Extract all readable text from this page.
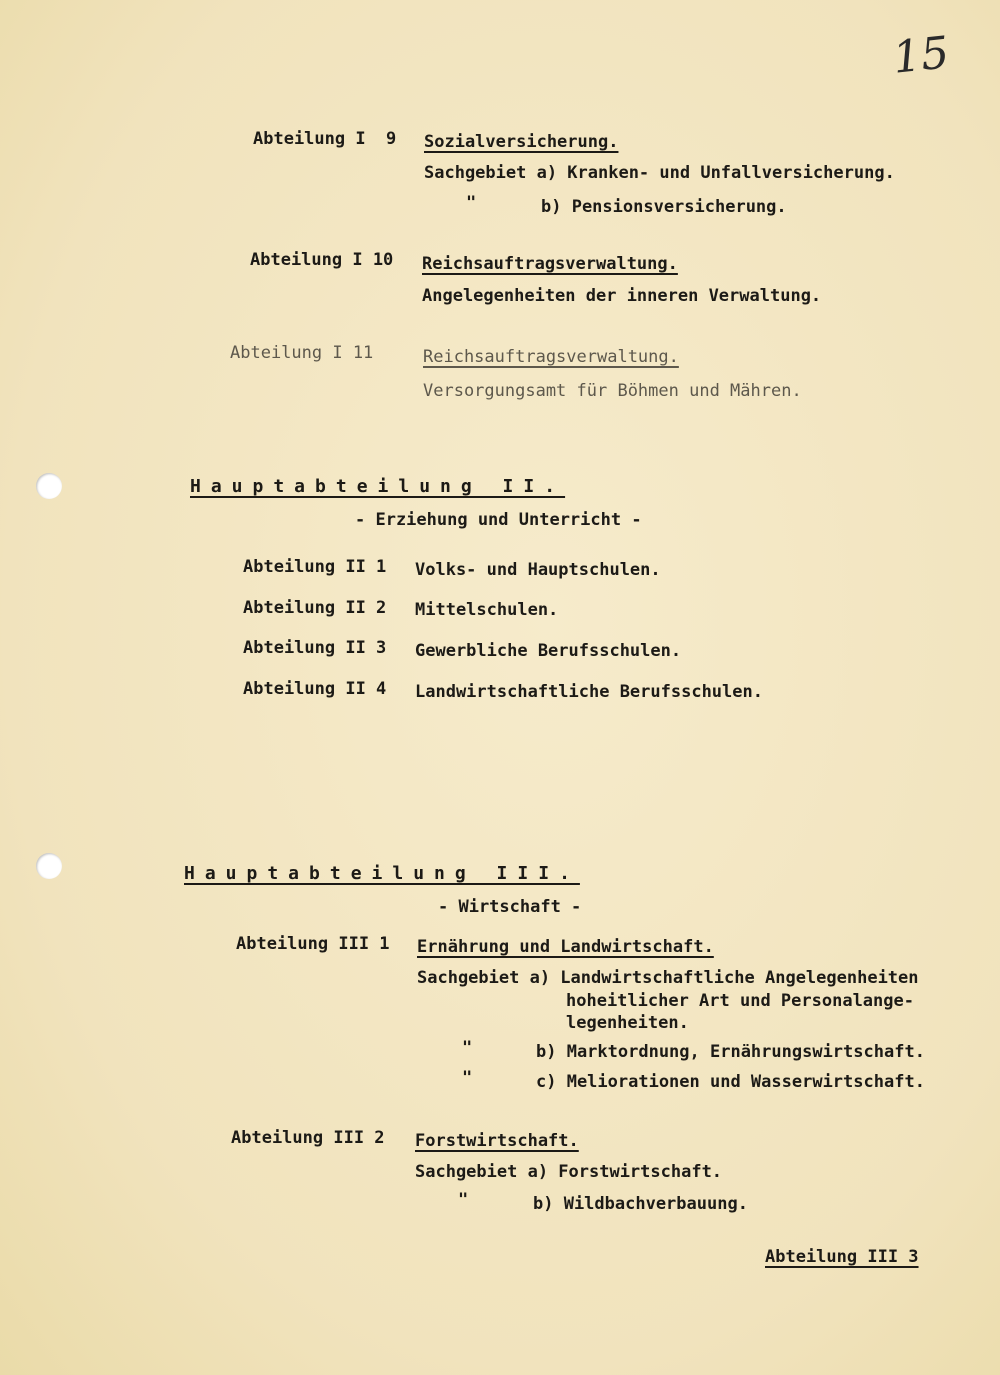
15
Abteilung I  9 Sozialversicherung.
Sachgebiet a) Kranken- und Unfallversicherung.
"	b) Pensionsversicherung.
Abteilung I 10 Reichsauftragsverwaltung.
Angelegenheiten der inneren Verwaltung.
Abteilung I 11	Reichsauftragsverwaltung.
Versorgungsamt für Böhmen und Mähren.
Hauptabteilung II.
- Erziehung und Unterricht -
Abteilung II 1 Volks- und Hauptschulen.
Abteilung II 2 Mittelschulen.
Abteilung II 3 Gewerbliche Berufsschulen.
Abteilung II 4 Landwirtschaftliche Berufsschulen.
Hauptabteilung III.
- Wirtschaft -
Abteilung III 1 Ernährung und Landwirtschaft.
Sachgebiet a) Landwirtschaftliche Angelegenheiten
hoheitlicher Art und Personalange-
legenheiten.
"	b) Marktordnung, Ernährungswirtschaft.
"	c) Meliorationen und Wasserwirtschaft.
Abteilung III 2 Forstwirtschaft.
Sachgebiet a) Forstwirtschaft.
"	b) Wildbachverbauung.
Abteilung III 3
